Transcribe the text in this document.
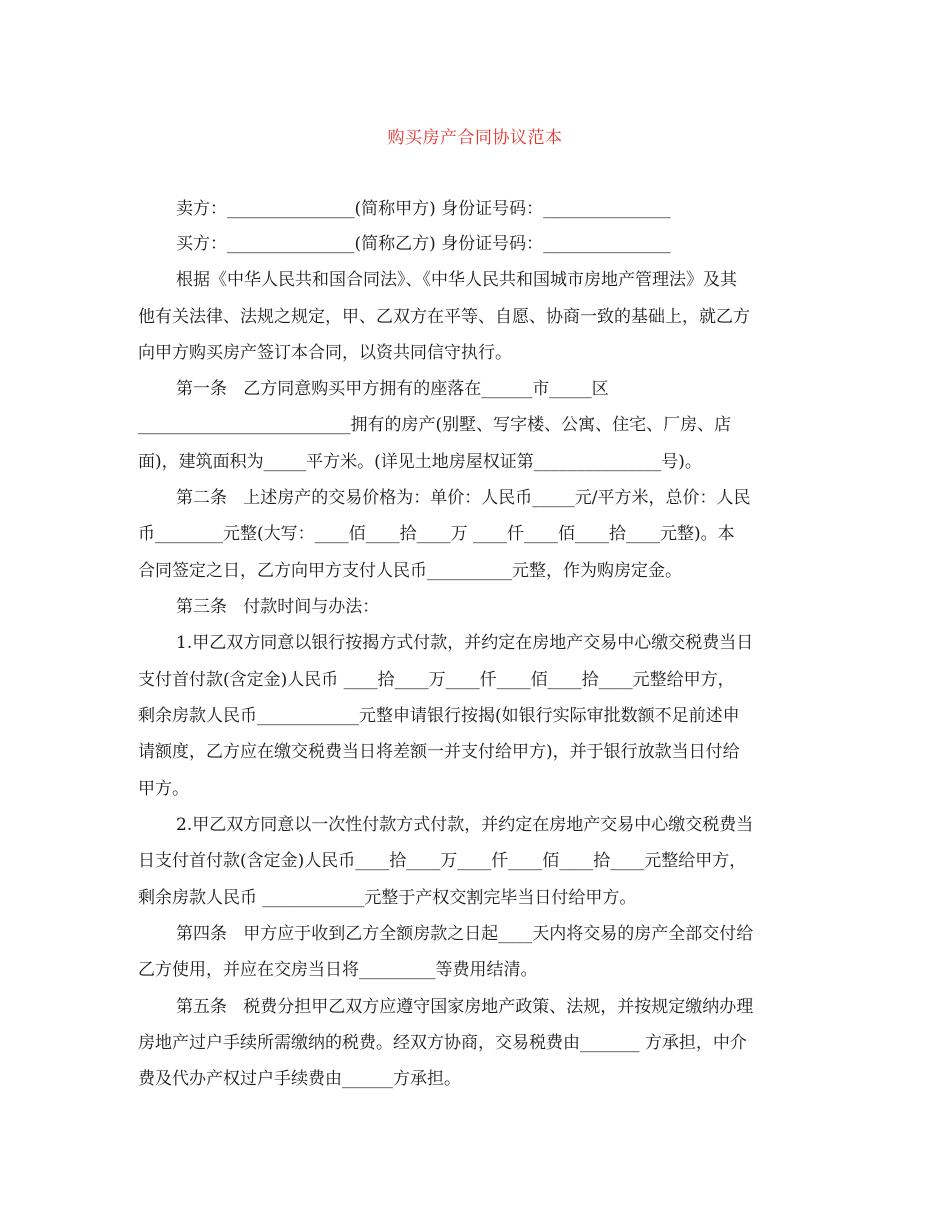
购买房产合同协议范本
卖方：_______________(简称甲方) 身份证号码：_______________
买方：_______________(简称乙方) 身份证号码：_______________
根据《中华人民共和国合同法》、《中华人民共和国城市房地产管理法》及其
他有关法律、法规之规定，甲、乙双方在平等、自愿、协商一致的基础上，就乙方
向甲方购买房产签订本合同，以资共同信守执行。
第一条   乙方同意购买甲方拥有的座落在______市_____区
_________________________拥有的房产(别墅、写字楼、公寓、住宅、厂房、店
面)，建筑面积为_____平方米。(详见土地房屋权证第_______________号)。
第二条   上述房产的交易价格为：单价：人民币_____元/平方米，总价：人民
币________元整(大写：____佰____拾____万 ____仟____佰____拾____元整)。本
合同签定之日，乙方向甲方支付人民币__________元整，作为购房定金。
第三条   付款时间与办法：
1.甲乙双方同意以银行按揭方式付款，并约定在房地产交易中心缴交税费当日
支付首付款(含定金)人民币 ____拾____万____仟____佰____拾____元整给甲方，
剩余房款人民币____________元整申请银行按揭(如银行实际审批数额不足前述申
请额度，乙方应在缴交税费当日将差额一并支付给甲方)，并于银行放款当日付给
甲方。
2.甲乙双方同意以一次性付款方式付款，并约定在房地产交易中心缴交税费当
日支付首付款(含定金)人民币____拾____万____仟____佰____拾____元整给甲方，
剩余房款人民币 ____________元整于产权交割完毕当日付给甲方。
第四条   甲方应于收到乙方全额房款之日起____天内将交易的房产全部交付给
乙方使用，并应在交房当日将_________等费用结清。
第五条   税费分担甲乙双方应遵守国家房地产政策、法规，并按规定缴纳办理
房地产过户手续所需缴纳的税费。经双方协商，交易税费由_______ 方承担，中介
费及代办产权过户手续费由______方承担。
